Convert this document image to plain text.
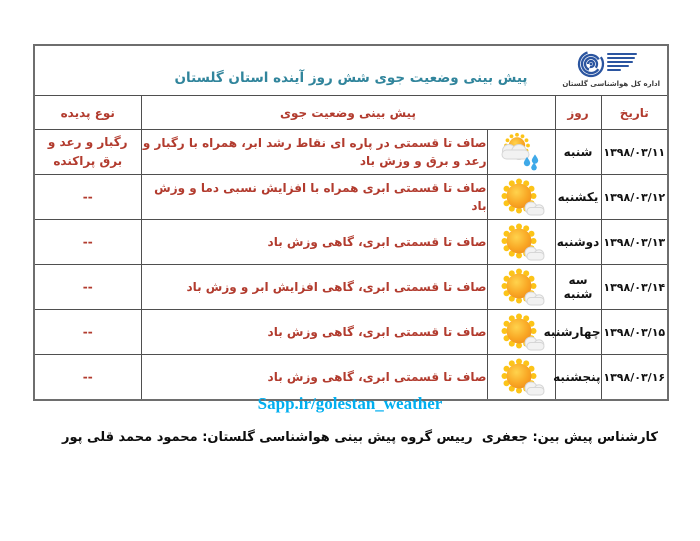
پیش بینی وضعیت جوی شش روز آینده استان گلستان اداره کل هواشناسی گلستان				

تاریخ	روز	پیش بینی وضعیت جوی		نوع پدیده
۱۳۹۸/۰۳/۱۱	شنبه		صاف تا قسمتی در پاره ای نقاط رشد ابر، همراه با رگبار و رعد و برق و وزش باد	رگبار و رعد و برق پراکنده
۱۳۹۸/۰۳/۱۲	یکشنبه		صاف تا قسمتی ابری همراه با افزایش نسبی دما و وزش باد	--
۱۳۹۸/۰۳/۱۳	دوشنبه		صاف تا قسمتی ابری، گاهی وزش باد	--
۱۳۹۸/۰۳/۱۴	سه شنبه		صاف تا قسمتی ابری، گاهی افزایش ابر و وزش باد	--
۱۳۹۸/۰۳/۱۵	چهارشنبه		صاف تا قسمتی ابری، گاهی وزش باد	--
۱۳۹۸/۰۳/۱۶	پنجشنبه		صاف تا قسمتی ابری، گاهی وزش باد	--
Sapp.ir/golestan_weather
رییس گروه پیش بینی هواشناسی گلستان: محمود محمد قلی پور کارشناس پیش بین: جعفری
